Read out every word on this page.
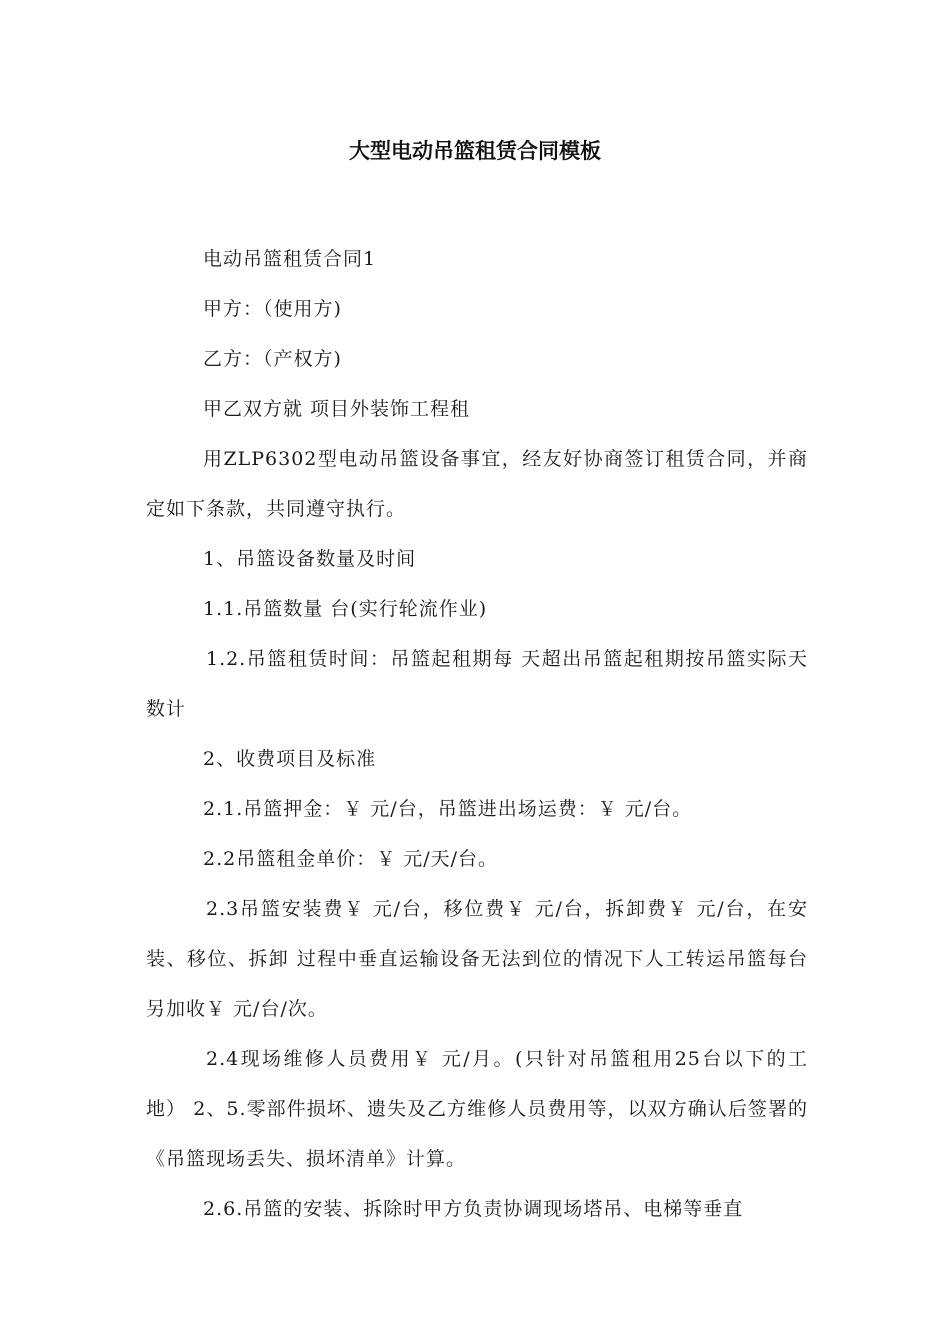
大型电动吊篮租赁合同模板

电动吊篮租赁合同1

甲方：（使用方)

乙方：（产权方)

甲乙双方就 项目外装饰工程租

用ZLP6302型电动吊篮设备事宜，经友好协商签订租赁合同，并商定如下条款，共同遵守执行。

1、吊篮设备数量及时间

1.1.吊篮数量 台(实行轮流作业)

1.2.吊篮租赁时间：吊篮起租期每 天超出吊篮起租期按吊篮实际天数计

2、收费项目及标准

2.1.吊篮押金：￥ 元/台，吊篮进出场运费：￥ 元/台。

2.2吊篮租金单价：￥ 元/天/台。

2.3吊篮安装费￥ 元/台，移位费￥ 元/台，拆卸费￥ 元/台，在安装、移位、拆卸 过程中垂直运输设备无法到位的情况下人工转运吊篮每台另加收￥ 元/台/次。

2.4现场维修人员费用￥ 元/月。(只针对吊篮租用25台以下的工地） 2、5.零部件损坏、遗失及乙方维修人员费用等，以双方确认后签署的《吊篮现场丢失、损坏清单》计算。

2.6.吊篮的安装、拆除时甲方负责协调现场塔吊、电梯等垂直
